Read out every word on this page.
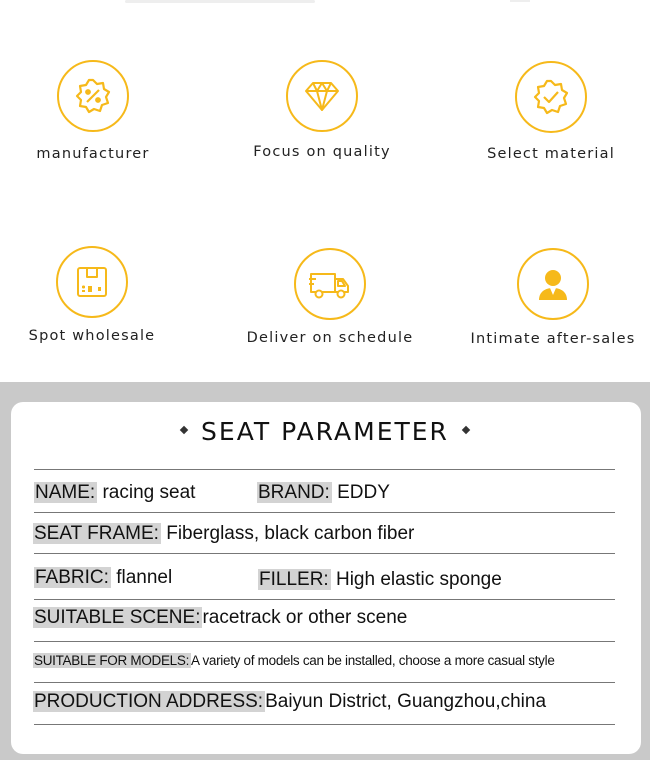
manufacturer	Focus on quality	Select material
Spot wholesale	Deliver on schedule	Intimate after-sales
SEAT PARAMETER
NAME: racing seat	BRAND: EDDY
SEAT FRAME: Fiberglass, black carbon fiber
FABRIC: flannel	FILLER: High elastic sponge
SUITABLE SCENE: racetrack or other scene
SUITABLE FOR MODELS: A variety of models can be installed, choose a more casual style
PRODUCTION ADDRESS: Baiyun District, Guangzhou,china
